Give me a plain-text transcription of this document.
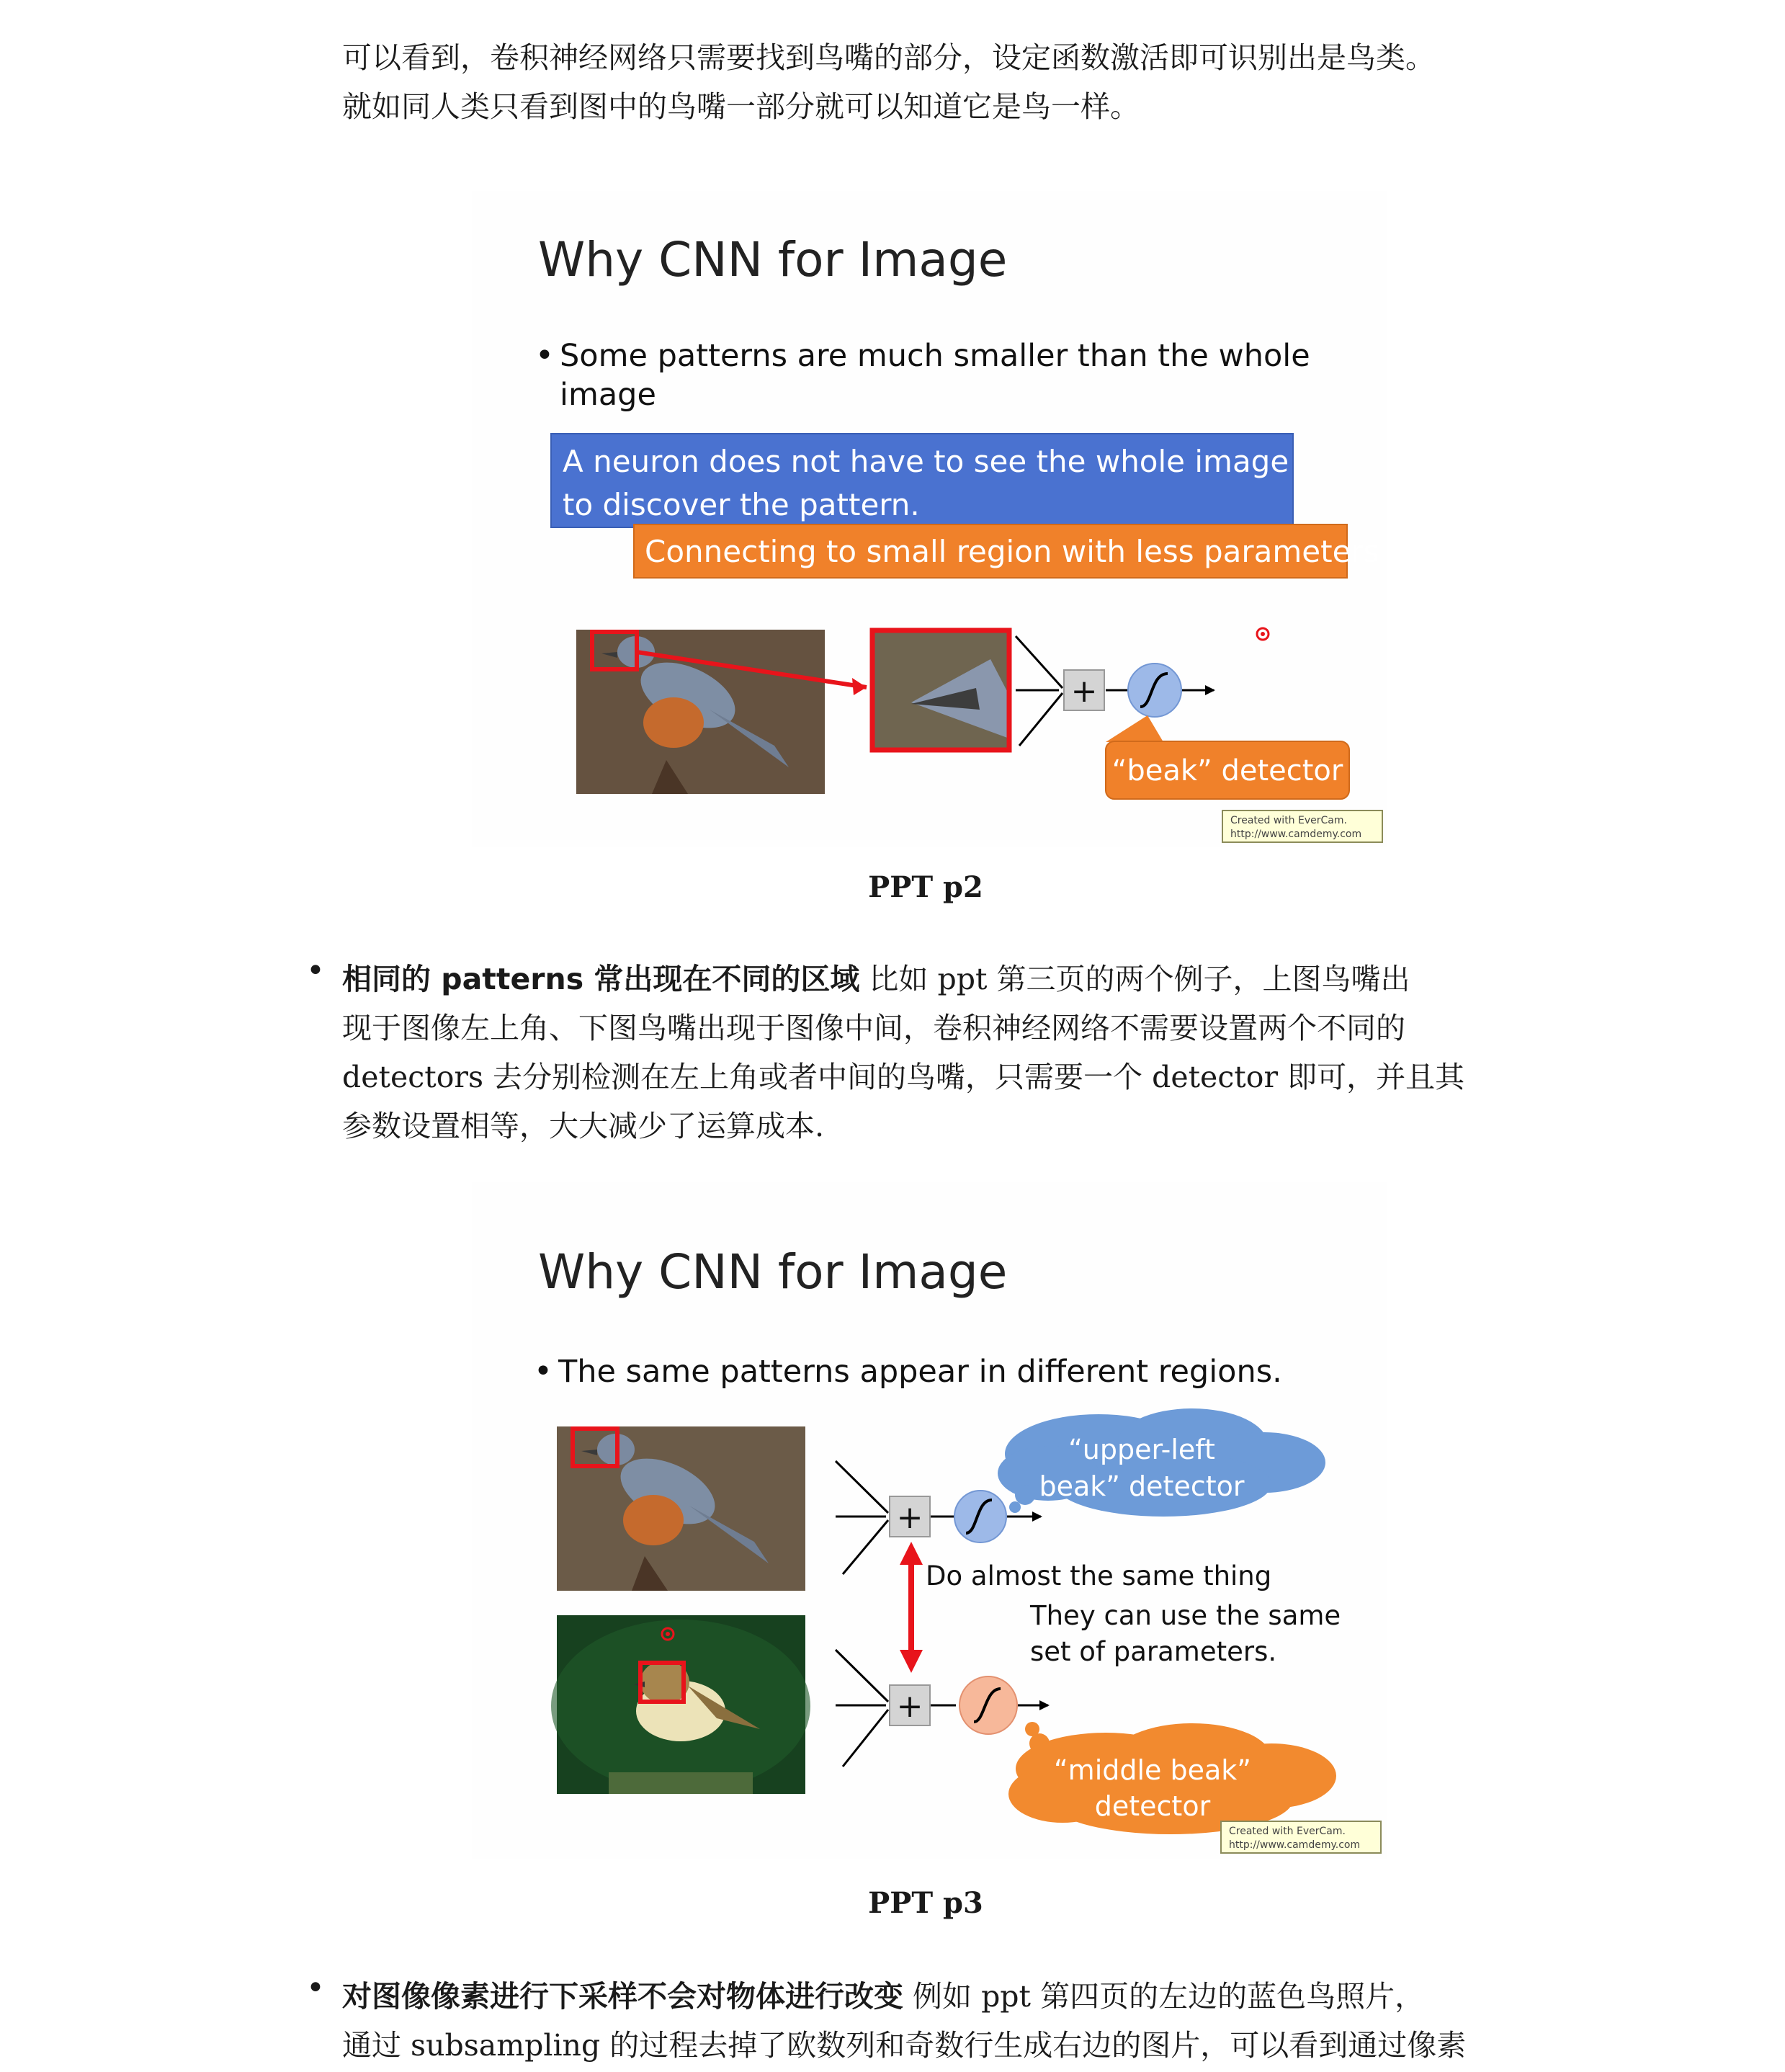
可以看到，卷积神经网络只需要找到鸟嘴的部分，设定函数激活即可识别出是鸟类。
就如同人类只看到图中的鸟嘴一部分就可以知道它是鸟一样。
Why CNN for Image
• Some patterns are much smaller than the whole
image
A neuron does not have to see the whole image
to discover the pattern.
Connecting to small region with less parameters
+
“beak” detector
Created with EverCam.
http://www.camdemy.com
PPT p2
• 相同的 patterns 常出现在不同的区域 比如 ppt 第三页的两个例子，上图鸟嘴出
现于图像左上角、下图鸟嘴出现于图像中间，卷积神经网络不需要设置两个不同的
detectors 去分别检测在左上角或者中间的鸟嘴，只需要一个 detector 即可，并且其
参数设置相等，大大减少了运算成本.
Why CNN for Image
• The same patterns appear in different regions.
+
“upper-left
beak” detector
Do almost the same thing
They can use the same
set of parameters.
+
“middle beak”
detector
Created with EverCam.
http://www.camdemy.com
PPT p3
• 对图像像素进行下采样不会对物体进行改变 例如 ppt 第四页的左边的蓝色鸟照片，
通过 subsampling 的过程去掉了欧数列和奇数行生成右边的图片，可以看到通过像素
